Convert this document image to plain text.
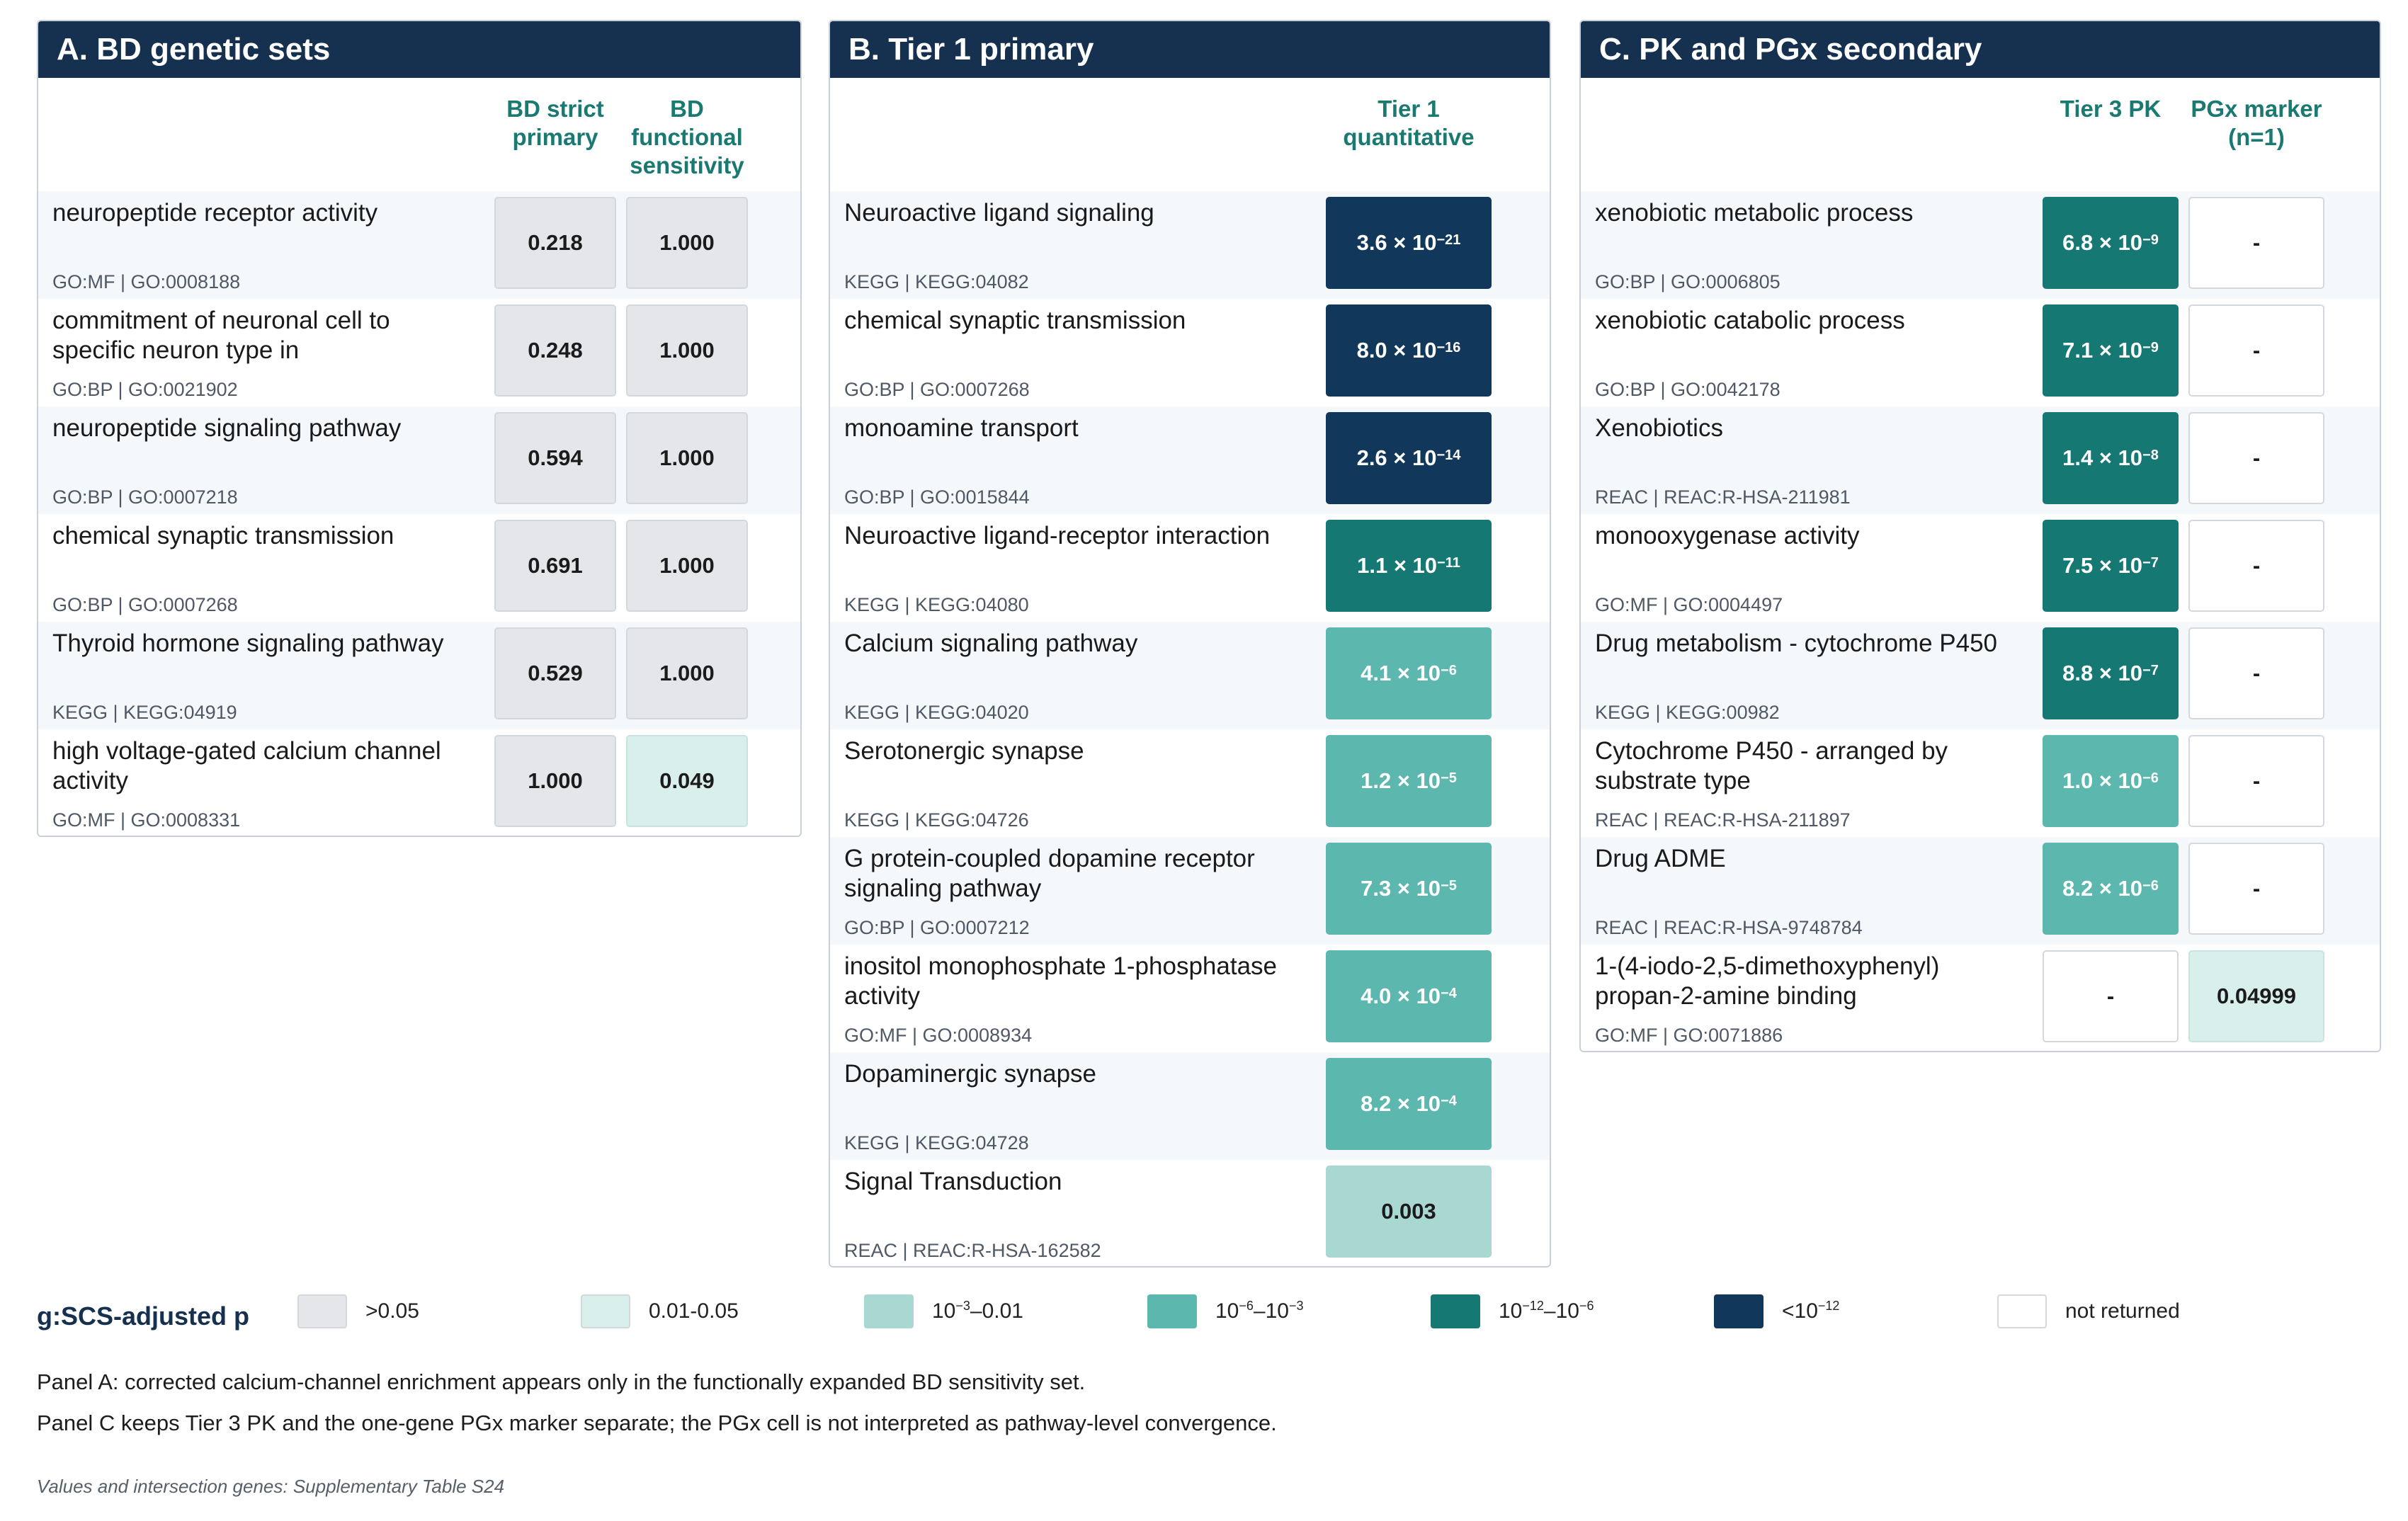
A. BD genetic sets
BD strict primary
BD functional sensitivity
neuropeptide receptor activity
GO:MF | GO:0008188
0.218	1.000
commitment of neuronal cell to specific neuron type in
GO:BP | GO:0021902
0.248	1.000
neuropeptide signaling pathway
GO:BP | GO:0007218
0.594	1.000
chemical synaptic transmission
GO:BP | GO:0007268
0.691	1.000
Thyroid hormone signaling pathway
KEGG | KEGG:04919
0.529	1.000
high voltage-gated calcium channel activity
GO:MF | GO:0008331
1.000	0.049
B. Tier 1 primary
Tier 1 quantitative
Neuroactive ligand signaling
KEGG | KEGG:04082
$3.6 \times 10^{-21}$
chemical synaptic transmission
GO:BP | GO:0007268
$8.0 \times 10^{-16}$
monoamine transport
GO:BP | GO:0015844
$2.6 \times 10^{-14}$
Neuroactive ligand-receptor interaction
KEGG | KEGG:04080
$1.1 \times 10^{-11}$
Calcium signaling pathway
KEGG | KEGG:04020
$4.1 \times 10^{-6}$
Serotonergic synapse
KEGG | KEGG:04726
$1.2 \times 10^{-5}$
G protein-coupled dopamine receptor signaling pathway
GO:BP | GO:0007212
$7.3 \times 10^{-5}$
inositol monophosphate 1-phosphatase activity
GO:MF | GO:0008934
$4.0 \times 10^{-4}$
Dopaminergic synapse
KEGG | KEGG:04728
$8.2 \times 10^{-4}$
Signal Transduction
REAC | REAC:R-HSA-162582
0.003
C. PK and PGx secondary
Tier 3 PK	PGx marker (n=1)
xenobiotic metabolic process
GO:BP | GO:0006805
$6.8 \times 10^{-9}$	-
xenobiotic catabolic process
GO:BP | GO:0042178
$7.1 \times 10^{-9}$	-
Xenobiotics
REAC | REAC:R-HSA-211981
$1.4 \times 10^{-8}$	-
monooxygenase activity
GO:MF | GO:0004497
$7.5 \times 10^{-7}$	-
Drug metabolism - cytochrome P450
KEGG | KEGG:00982
$8.8 \times 10^{-7}$	-
Cytochrome P450 - arranged by substrate type
REAC | REAC:R-HSA-211897
$1.0 \times 10^{-6}$	-
Drug ADME
REAC | REAC:R-HSA-9748784
$8.2 \times 10^{-6}$	-
1-(4-iodo-2,5-dimethoxyphenyl) propan-2-amine binding
GO:MF | GO:0071886
-	0.04999
g:SCS-adjusted p	>0.05	0.01-0.05	$10^{-3}-0.01$	$10^{-6}-10^{-3}$	$10^{-12}-10^{-6}$	$<10^{-12}$	not returned
Panel A: corrected calcium-channel enrichment appears only in the functionally expanded BD sensitivity set.
Panel C keeps Tier 3 PK and the one-gene PGx marker separate; the PGx cell is not interpreted as pathway-level convergence.
Values and intersection genes: Supplementary Table S24
